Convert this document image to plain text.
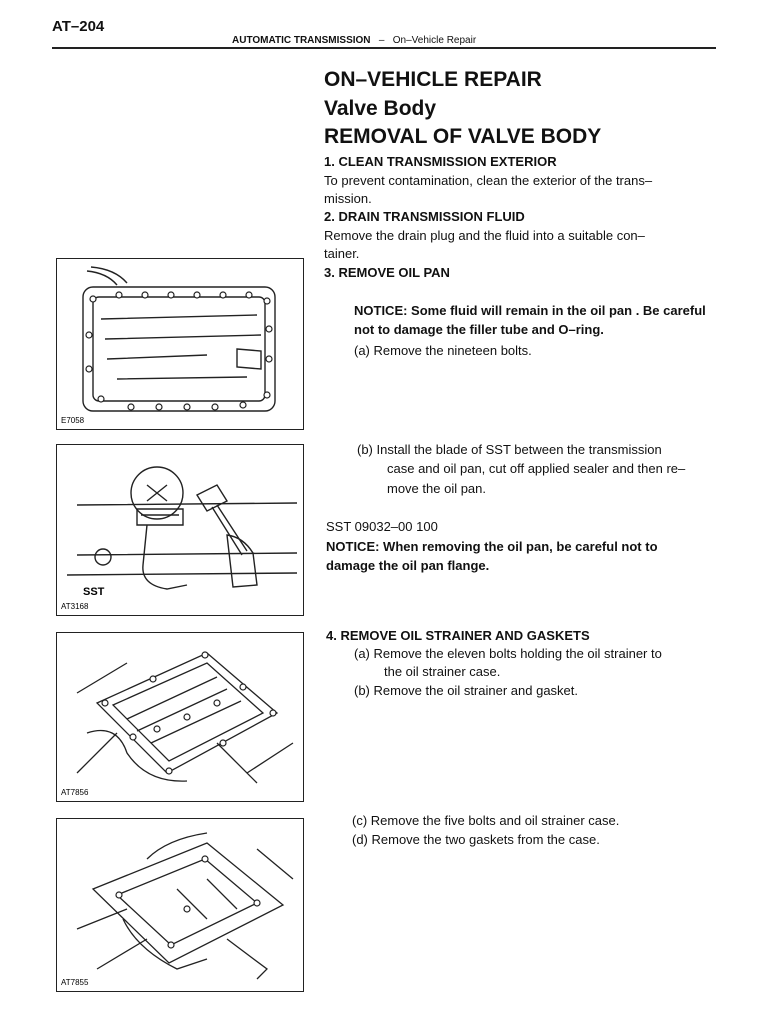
AT–204
AUTOMATIC TRANSMISSION – On–Vehicle Repair
ON–VEHICLE REPAIR
Valve Body
REMOVAL OF VALVE BODY
1. CLEAN TRANSMISSION EXTERIOR
To prevent contamination, clean the exterior of the trans–
mission.
2. DRAIN TRANSMISSION FLUID
Remove the drain plug and the fluid into a suitable con–
tainer.
3. REMOVE OIL PAN
NOTICE: Some fluid will remain in the oil pan . Be careful
not to damage the filler tube and O–ring.
(a) Remove the nineteen bolts.
(b) Install the blade of SST between the transmission
case and oil pan, cut off applied sealer and then re–
move the oil pan.
SST 09032–00 100
NOTICE: When removing the oil pan, be careful not to
damage the oil pan flange.
4. REMOVE OIL STRAINER AND GASKETS
(a) Remove the eleven bolts holding the oil strainer to
the oil strainer case.
(b) Remove the oil strainer and gasket.
(c) Remove the five bolts and oil strainer case.
(d) Remove the two gaskets from the case.
E7058
SST
AT3168
AT7856
AT7855
